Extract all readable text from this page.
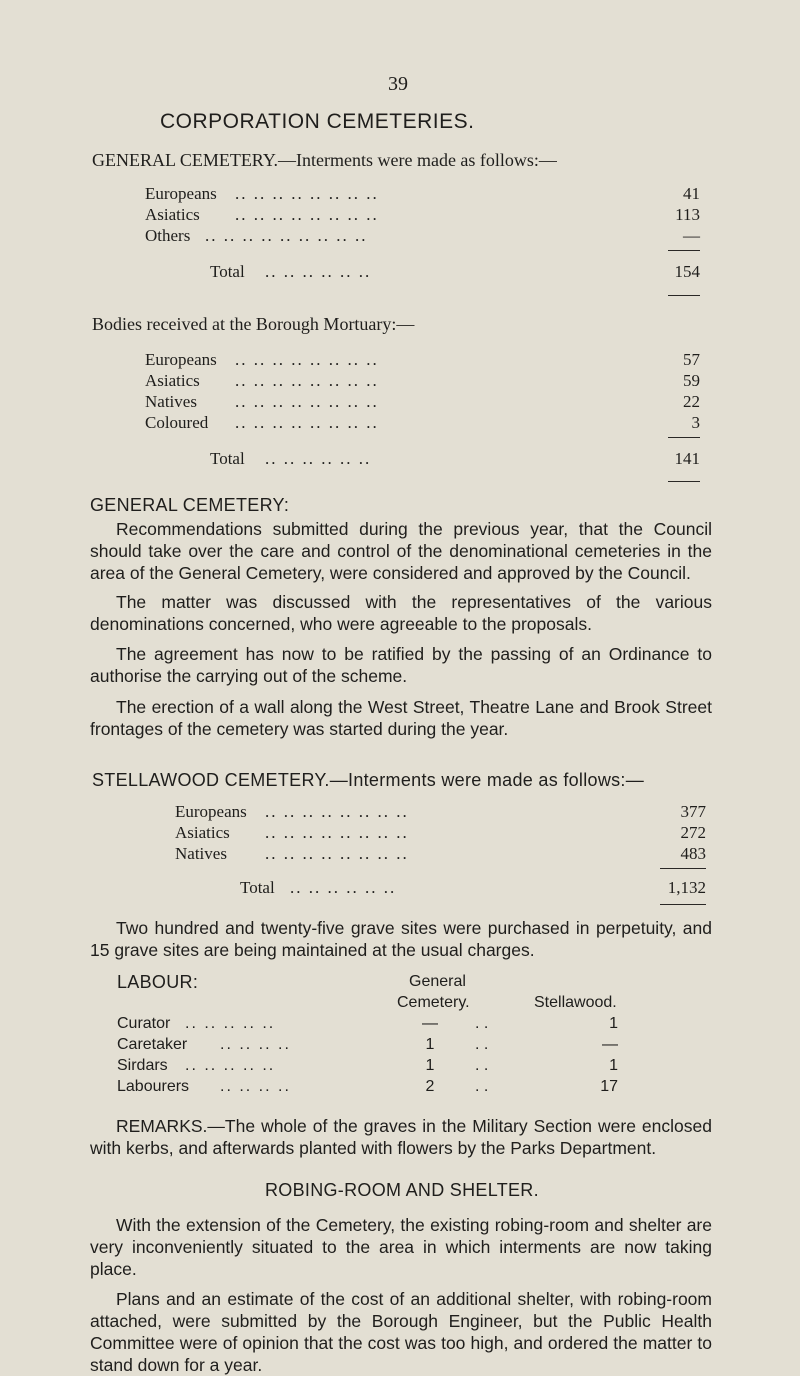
39
CORPORATION CEMETERIES.
GENERAL CEMETERY.—Interments were made as follows:—
Europeans .. .. .. .. .. .. .. ..	41
Asiatics .. .. .. .. .. .. .. ..	113
Others .. .. .. .. .. .. .. .. ..	—
Total .. .. .. .. .. ..	154
Bodies received at the Borough Mortuary:—
Europeans .. .. .. .. .. .. .. ..	57
Asiatics .. .. .. .. .. .. .. ..	59
Natives .. .. .. .. .. .. .. ..	22
Coloured .. .. .. .. .. .. .. ..	3
Total .. .. .. .. .. ..	141
GENERAL CEMETERY:
Recommendations submitted during the previous year, that the Council should take over the care and control of the denominational cemeteries in the area of the General Cemetery, were considered and approved by the Council.
The matter was discussed with the representatives of the various denominations concerned, who were agreeable to the proposals.
The agreement has now to be ratified by the passing of an Ordinance to authorise the carrying out of the scheme.
The erection of a wall along the West Street, Theatre Lane and Brook Street frontages of the cemetery was started during the year.
STELLAWOOD CEMETERY.—Interments were made as follows:—
Europeans .. .. .. .. .. .. .. ..	377
Asiatics .. .. .. .. .. .. .. ..	272
Natives .. .. .. .. .. .. .. ..	483
Total .. .. .. .. .. ..	1,132
Two hundred and twenty-five grave sites were purchased in perpetuity, and 15 grave sites are being maintained at the usual charges.
LABOUR:	General
Cemetery.	Stellawood.
Curator .. .. .. .. ..	— . .	1
Caretaker .. .. .. ..	1	. .	—
Sirdars .. .. .. .. ..	1	. .	1
Labourers .. .. .. ..	2	. .	17
REMARKS.—The whole of the graves in the Military Section were enclosed with kerbs, and afterwards planted with flowers by the Parks Department.
ROBING-ROOM AND SHELTER.
With the extension of the Cemetery, the existing robing-room and shelter are very inconveniently situated to the area in which interments are now taking place.
Plans and an estimate of the cost of an additional shelter, with robing-room attached, were submitted by the Borough Engineer, but the Public Health Committee were of opinion that the cost was too high, and ordered the matter to stand down for a year.
